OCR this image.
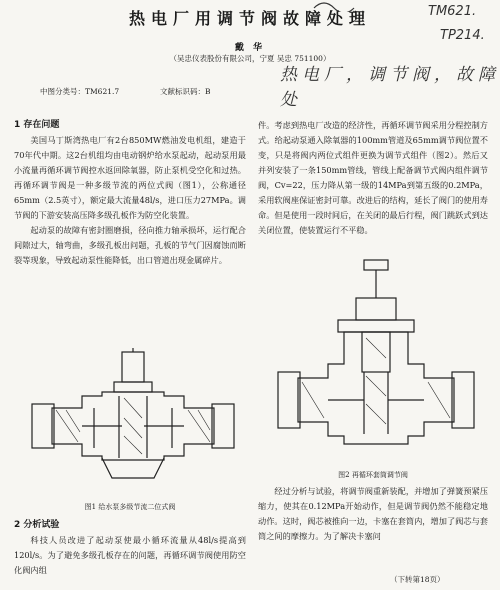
热电厂用调节阀故障处理
戴 华
（吴忠仪表股份有限公司，宁夏 吴忠 751100）
中图分类号：TM621.7	文献标识码：B
TM621.
TP214.
热电厂，调节阀，故障处
1 存在问题

美国马丁斯湾热电厂有2台850MW燃油发电机组，建造于70年代中期。这2台机组均由电动钢炉给水泵起动，起动泵用最小流量再循环调节阀控水返回除氧器，防止泵机受空化和过热。再循环调节阀是一种多级节流的两位式阀（图1），公称通径65mm（2.5英寸），额定最大流量48l/s，进口压力27MPa。调节阀的下游安装高压降多级孔板作为防空化装置。

起动泵的故障有密封圈磨损，径向推力轴承损坏，运行配合间隙过大，轴弯曲，多级孔板出问题，孔板的节气门因腐蚀而断裂等现象，导致起动泵性能降低，出口管道出现金属碎片。

图1 给水泵多级节流二位式阀
2 分析试验

科技人员改进了起动泵使最小循环流量从48l/s提高到120l/s。为了避免多级孔板存在的问题，再循环调节阀使用防空化阀内组

件。考虑到热电厂改造的经济性，再循环调节阀采用分程控制方式。给起动泵通入除氧器的100mm管道及65mm调节阀位置不变，只是将阀内两位式组件更换为调节式组件（图2）。然后又并列安装了一条150mm管线，管线上配备调节式阀内组件调节阀，Cv=22，压力降从第一级的14MPa到第五级的0.2MPa，采用软阀座保证密封可靠。改进后的结构，延长了阀门的使用寿命。但是使用一段时间后，在关闭的最后行程，阀门跳跃式到达关闭位置，使装置运行不平稳。

图2 再循环套筒调节阀

经过分析与试验，将调节阀重新装配，并增加了弹簧预紧压缩力，使其在0.12MPa开始动作，但是调节阀仍然不能稳定地动作。这时，阀芯被推向一边，卡塞在套筒内，增加了阀芯与套筒之间的摩擦力。为了解决卡塞问

（下转第18页）
